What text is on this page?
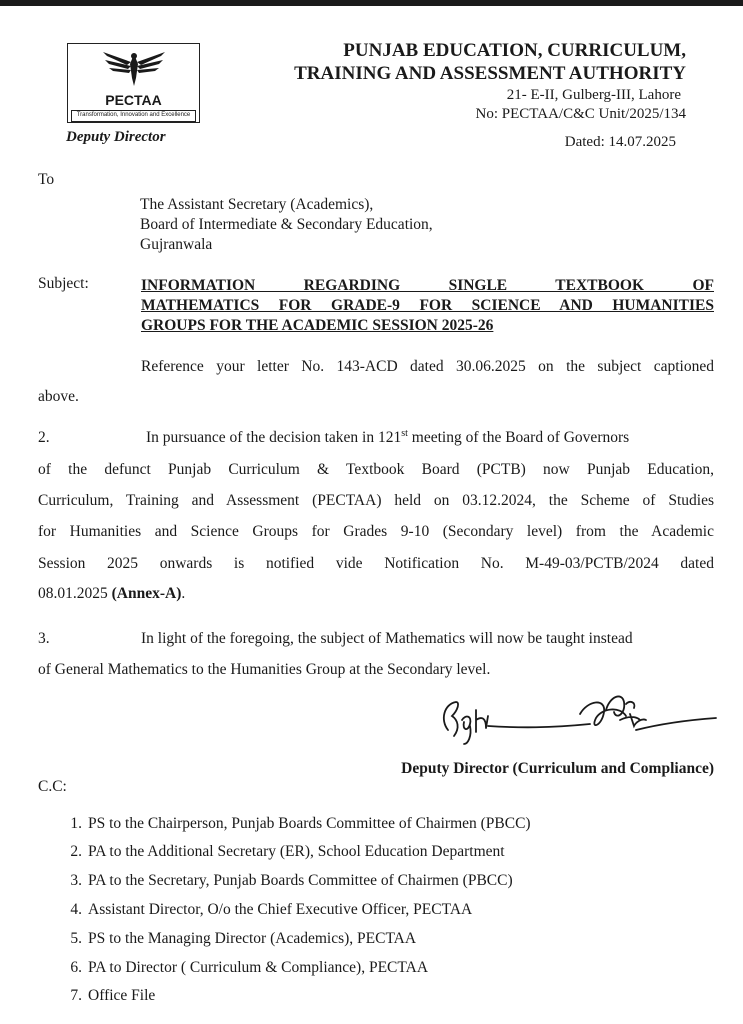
PECTAA
Transformation, Innovation and Excellence
Deputy Director
PUNJAB EDUCATION, CURRICULUM,
TRAINING AND ASSESSMENT AUTHORITY
21- E-II, Gulberg-III, Lahore
No: PECTAA/C&C Unit/2025/134
Dated: 14.07.2025
To
The Assistant Secretary (Academics),
Board of Intermediate & Secondary Education,
Gujranwala
Subject:	INFORMATION REGARDING SINGLE TEXTBOOK OF
MATHEMATICS FOR GRADE-9 FOR SCIENCE AND HUMANITIES
GROUPS FOR THE ACADEMIC SESSION 2025-26
Reference your letter No. 143-ACD dated 30.06.2025 on the subject captioned
above.
2.	In pursuance of the decision taken in 121st meeting of the Board of Governors
of the defunct Punjab Curriculum & Textbook Board (PCTB) now Punjab Education,
Curriculum, Training and Assessment (PECTAA) held on 03.12.2024, the Scheme of Studies
for Humanities and Science Groups for Grades 9-10 (Secondary level) from the Academic
Session 2025 onwards is notified vide Notification No. M-49-03/PCTB/2024 dated
08.01.2025 (Annex-A).
3.	In light of the foregoing, the subject of Mathematics will now be taught instead
of General Mathematics to the Humanities Group at the Secondary level.
Deputy Director (Curriculum and Compliance)
C.C:
1. PS to the Chairperson, Punjab Boards Committee of Chairmen (PBCC)
2. PA to the Additional Secretary (ER), School Education Department
3. PA to the Secretary, Punjab Boards Committee of Chairmen (PBCC)
4. Assistant Director, O/o the Chief Executive Officer, PECTAA
5. PS to the Managing Director (Academics), PECTAA
6. PA to Director ( Curriculum & Compliance), PECTAA
7. Office File
